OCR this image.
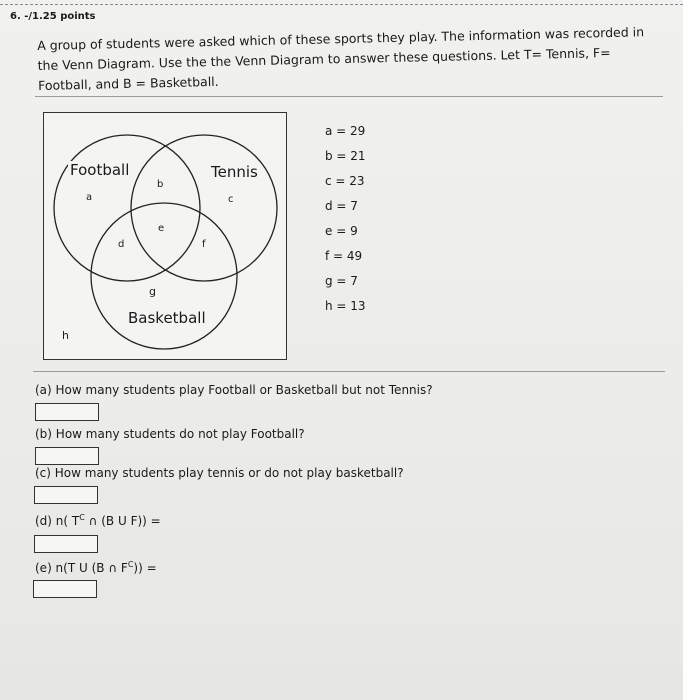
6. -/1.25 points
A group of students were asked which of these sports they play. The information was recorded in
the Venn Diagram. Use the the Venn Diagram to answer these questions. Let T= Tennis, F=
Football, and B = Basketball.
Football	Tennis
Basketball
a
b
c
d
e
f
g
h
a = 29
b = 21
c = 23
d = 7
e = 9
f = 49
g = 7
h = 13
(a) How many students play Football or Basketball but not Tennis?
(b) How many students do not play Football?
(c) How many students play tennis or do not play basketball?
(d) n( $T^C$ ∩ (B U F)) =
(e) n(T U (B ∩ $F^C$)) =
